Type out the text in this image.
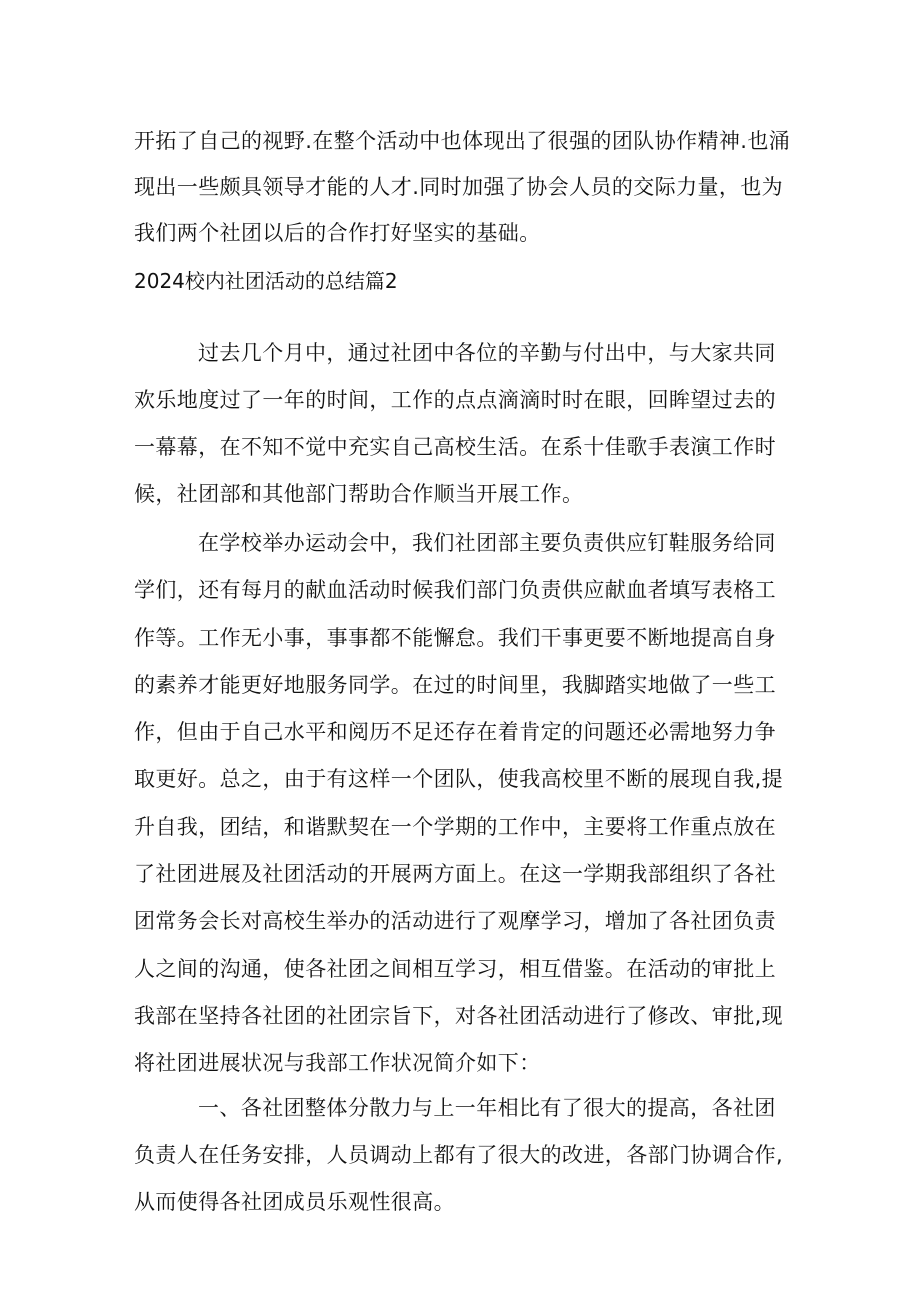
开拓了自己的视野.在整个活动中也体现出了很强的团队协作精神.也涌现出一些颇具领导才能的人才.同时加强了协会人员的交际力量，也为我们两个社团以后的合作打好坚实的基础。

2024校内社团活动的总结篇2

过去几个月中，通过社团中各位的辛勤与付出中，与大家共同欢乐地度过了一年的时间，工作的点点滴滴时时在眼，回眸望过去的一幕幕，在不知不觉中充实自己高校生活。在系十佳歌手表演工作时候，社团部和其他部门帮助合作顺当开展工作。

在学校举办运动会中，我们社团部主要负责供应钉鞋服务给同学们，还有每月的献血活动时候我们部门负责供应献血者填写表格工作等。工作无小事，事事都不能懈怠。我们干事更要不断地提高自身的素养才能更好地服务同学。在过的时间里，我脚踏实地做了一些工作，但由于自己水平和阅历不足还存在着肯定的问题还必需地努力争取更好。总之，由于有这样一个团队，使我高校里不断的展现自我,提升自我，团结，和谐默契在一个学期的工作中，主要将工作重点放在了社团进展及社团活动的开展两方面上。在这一学期我部组织了各社团常务会长对高校生举办的活动进行了观摩学习，增加了各社团负责人之间的沟通，使各社团之间相互学习，相互借鉴。在活动的审批上我部在坚持各社团的社团宗旨下，对各社团活动进行了修改、审批,现将社团进展状况与我部工作状况简介如下：

一、各社团整体分散力与上一年相比有了很大的提高，各社团负责人在任务安排，人员调动上都有了很大的改进，各部门协调合作,从而使得各社团成员乐观性很高。
